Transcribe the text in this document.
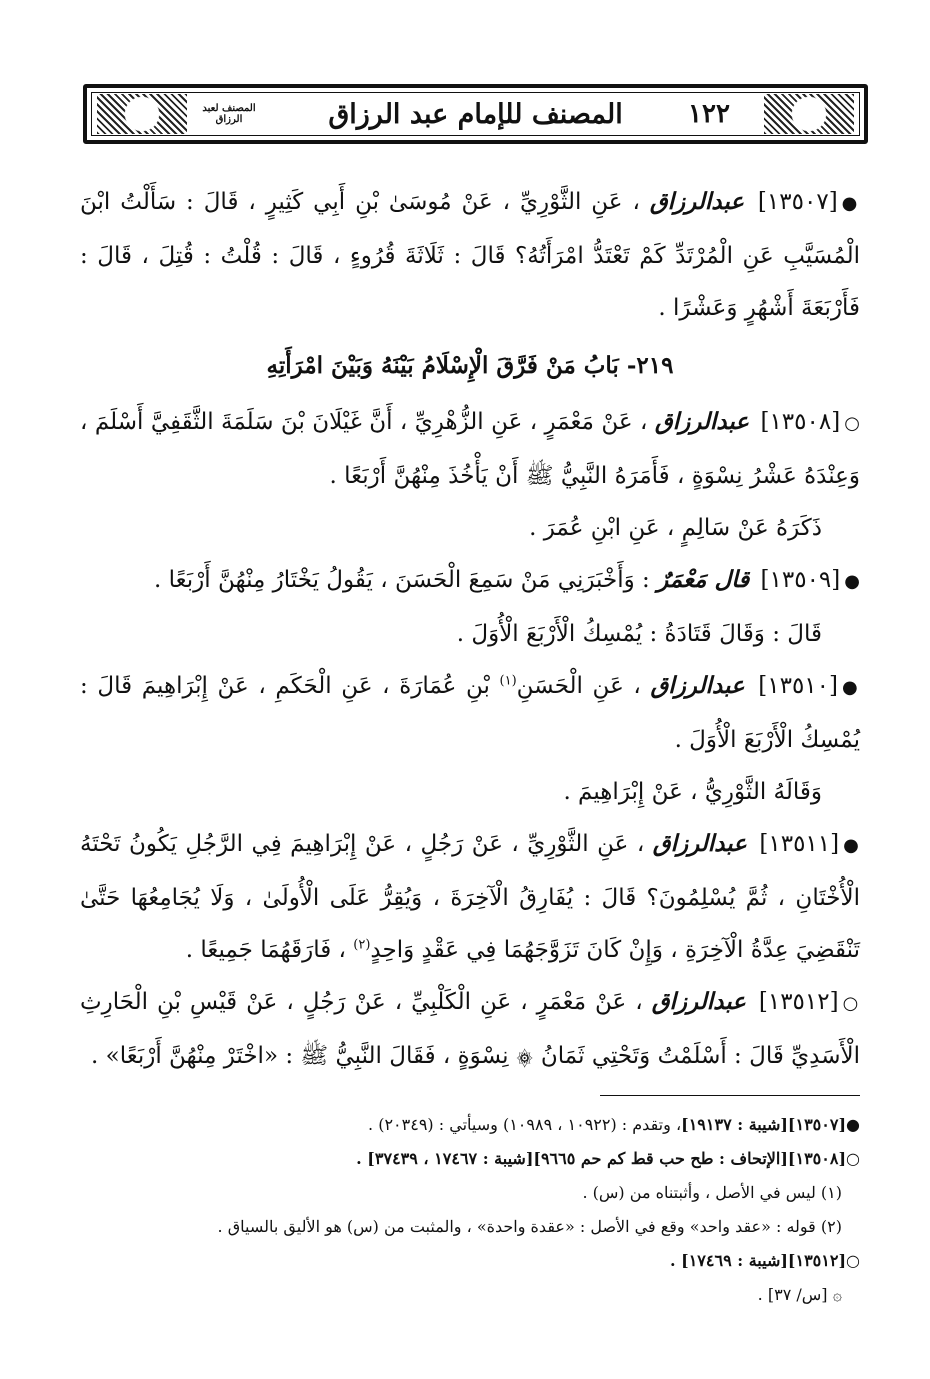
المصنف لعبد الرزاق	١٢٢
المصنف للإمام عبد الرزاق

●[١٣٥٠٧] عبدالرزاق ، عَنِ الثَّوْرِيِّ ، عَنْ مُوسَىٰ بْنِ أَبِي كَثِيرٍ ، قَالَ : سَأَلْتُ ابْنَ الْمُسَيَّبِ عَنِ الْمُرْتَدِّ كَمْ تَعْتَدُّ امْرَأَتُهُ؟ قَالَ : ثَلَاثَةَ قُرُوءٍ ، قَالَ : قُلْتُ : قُتِلَ ، قَالَ : فَأَرْبَعَةَ أَشْهُرٍ وَعَشْرًا .

٢١٩- بَابُ مَنْ فَرَّقَ الْإِسْلَامُ بَيْنَهُ وَبَيْنَ امْرَأَتِهِ

○[١٣٥٠٨] عبدالرزاق ، عَنْ مَعْمَرٍ ، عَنِ الزُّهْرِيِّ ، أَنَّ غَيْلَانَ بْنَ سَلَمَةَ الثَّقَفِيَّ أَسْلَمَ ، وَعِنْدَهُ عَشْرُ نِسْوَةٍ ، فَأَمَرَهُ النَّبِيُّ ﷺ أَنْ يَأْخُذَ مِنْهُنَّ أَرْبَعًا .

ذَكَرَهُ عَنْ سَالِمٍ ، عَنِ ابْنِ عُمَرَ .

●[١٣٥٠٩] قال مَعْمَرٌ : وَأَخْبَرَنِي مَنْ سَمِعَ الْحَسَنَ ، يَقُولُ يَخْتَارُ مِنْهُنَّ أَرْبَعًا .

قَالَ : وَقَالَ قَتَادَةُ : يُمْسِكُ الْأَرْبَعَ الْأُوَلَ .

●[١٣٥١٠] عبدالرزاق ، عَنِ الْحَسَنِ$^{(١)}$ بْنِ عُمَارَةَ ، عَنِ الْحَكَمِ ، عَنْ إِبْرَاهِيمَ قَالَ : يُمْسِكُ الْأَرْبَعَ الْأُوَلَ .

وَقَالَهُ الثَّوْرِيُّ ، عَنْ إِبْرَاهِيمَ .

●[١٣٥١١] عبدالرزاق ، عَنِ الثَّوْرِيِّ ، عَنْ رَجُلٍ ، عَنْ إِبْرَاهِيمَ فِي الرَّجُلِ يَكُونُ تَحْتَهُ الْأُخْتَانِ ، ثُمَّ يُسْلِمُونَ؟ قَالَ : يُفَارِقُ الْآخِرَةَ ، وَيُقِرُّ عَلَى الْأُولَىٰ ، وَلَا يُجَامِعُهَا حَتَّىٰ تَنْقَضِيَ عِدَّةُ الْآخِرَةِ ، وَإِنْ كَانَ تَزَوَّجَهُمَا فِي عَقْدٍ وَاحِدٍ$^{(٢)}$ ، فَارَقَهُمَا جَمِيعًا .

○[١٣٥١٢] عبدالرزاق ، عَنْ مَعْمَرٍ ، عَنِ الْكَلْبِيِّ ، عَنْ رَجُلٍ ، عَنْ قَيْسِ بْنِ الْحَارِثِ الْأَسَدِيِّ قَالَ : أَسْلَمْتُ وَتَحْتِي ثَمَانُ ۞ نِسْوَةٍ ، فَقَالَ النَّبِيُّ ﷺ : «اخْتَرْ مِنْهُنَّ أَرْبَعًا» .

●[١٣٥٠٧][شيبة : ١٩١٣٧]، وتقدم : (١٠٩٢٢ ، ١٠٩٨٩) وسيأتي : (٢٠٣٤٩) .

○[١٣٥٠٨][الإتحاف : طح حب قط كم حم ٩٦٦٥][شيبة : ١٧٤٦٧ ، ٣٧٤٣٩] .

(١) ليس في الأصل ، وأثبتناه من (س) .

(٢) قوله : «عقد واحد» وقع في الأصل : «عقدة واحدة» ، والمثبت من (س) هو الأليق بالسياق .

○[١٣٥١٢][شيبة : ١٧٤٦٩] .

۞ [س/ ٣٧] .
